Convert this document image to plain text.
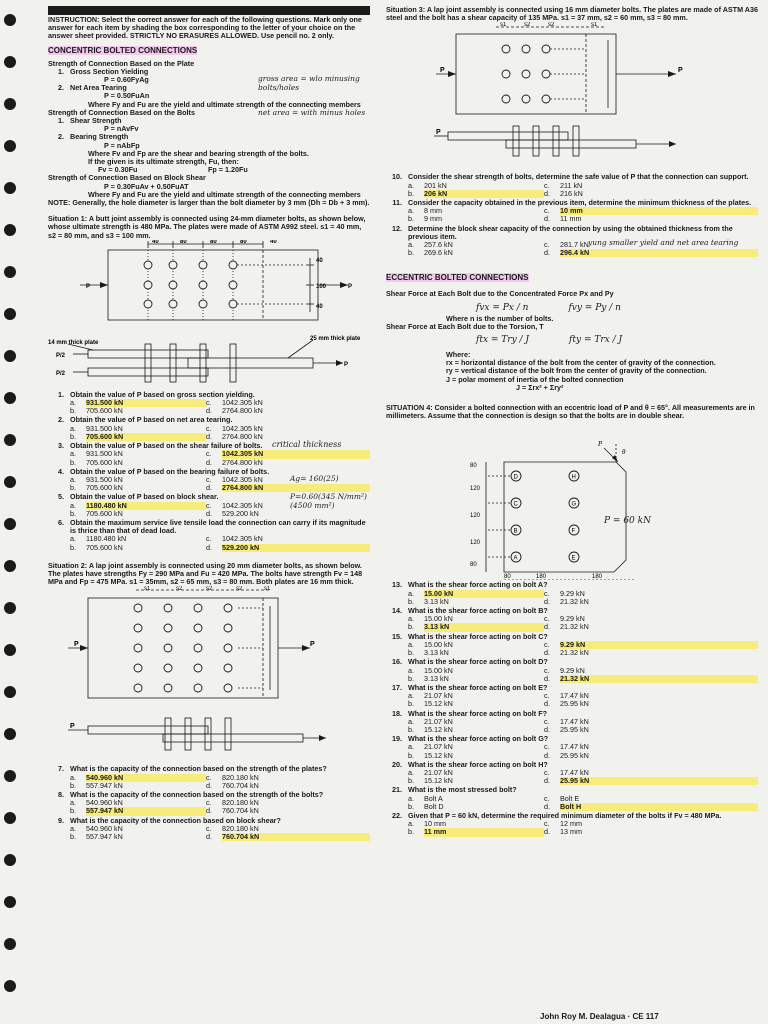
INSTRUCTION: Select the correct answer for each of the following questions. Mark only one answer for each item by shading the box corresponding to the letter of your choice on the answer sheet provided. STRICTLY NO ERASURES ALLOWED. Use pencil no. 2 only.
CONCENTRIC BOLTED CONNECTIONS
Strength of Connection Based on the Plate
1. Gross Section Yielding
P = 0.60FyAg
2. Net Area Tearing
P = 0.50FuAn
Where Fy and Fu are the yield and ultimate strength of the connecting members
Strength of Connection Based on the Bolts
1. Shear Strength
P = nAvFv
2. Bearing Strength
P = nAbFp
Where Fv and Fp are the shear and bearing strength of the bolts.
If the given is its ultimate strength, Fu, then:
Fv = 0.30Fu	Fp = 1.20Fu
Strength of Connection Based on Block Shear
P = 0.30FuAv + 0.50FuAT
Where Fy and Fu are the yield and ultimate strength of the connecting members
NOTE: Generally, the hole diameter is larger than the bolt diameter by 3 mm (Dh = Db + 3 mm).
Situation 1: A butt joint assembly is connected using 24-mm diameter bolts, as shown below, whose ultimate strength is 480 MPa. The plates were made of ASTM A992 steel. s1 = 40 mm, s2 = 80 mm, and s3 = 100 mm.
40	80	80	80	40
40
100
40
P	P
14 mm thick plate
25 mm thick plate
P/2
P/2
P
1. Obtain the value of P based on gross section yielding.
a.	931.500 kN	c.	1042.305 kN
b.	705.600 kN	d.	2764.800 kN
2. Obtain the value of P based on net area tearing.
a.	931.500 kN	c.	1042.305 kN
b.	705.600 kN	d.	2764.800 kN
3. Obtain the value of P based on the shear failure of bolts.
a.	931.500 kN	c.	1042.305 kN
b.	705.600 kN	d.	2764.800 kN
4. Obtain the value of P based on the bearing failure of bolts.
a.	931.500 kN	c.	1042.305 kN
b.	705.600 kN	d.	2764.800 kN
5. Obtain the value of P based on block shear.
a.	1180.480 kN	c.	1042.305 kN
b.	705.600 kN	d.	529.200 kN
6. Obtain the maximum service live tensile load the connection can carry if its magnitude is thrice than that of dead load.
a.	1180.480 kN	c.	1042.305 kN
b.	705.600 kN	d.	529.200 kN
Situation 2: A lap joint assembly is connected using 20 mm diameter bolts, as shown below. The plates have strengths Fy = 290 MPa and Fu = 420 MPa. The bolts have strength Fv = 148 MPa and Fp = 475 MPa. s1 = 35mm, s2 = 65 mm, s3 = 80 mm. Both plates are 16 mm thick.
s1	s2	s2	s2	s1
P	P
P
7. What is the capacity of the connection based on the strength of the plates?
a.	540.960 kN	c.	820.180 kN
b.	557.947 kN	d.	760.704 kN
8. What is the capacity of the connection based on the strength of the bolts?
a.	540.960 kN	c.	820.180 kN
b.	557.947 kN	d.	760.704 kN
9. What is the capacity of the connection based on block shear?
a.	540.960 kN	c.	820.180 kN
b.	557.947 kN	d.	760.704 kN
Situation 3: A lap joint assembly is connected using 16 mm diameter bolts. The plates are made of ASTM A36 steel and the bolt has a shear capacity of 135 MPa. s1 = 37 mm, s2 = 60 mm, s3 = 80 mm.
s1	s2	s2	s1
P	P
P
10. Consider the shear strength of bolts, determine the safe value of P that the connection can support.
a.	201 kN	c.	211 kN
b.	206 kN	d.	216 kN
11. Consider the capacity obtained in the previous item, determine the minimum thickness of the plates.
a.	8 mm	c.	10 mm
b.	9 mm	d.	11 mm
12. Determine the block shear capacity of the connection by using the obtained thickness from the previous item.
a.	257.6 kN	c.	281.7 kN
b.	269.6 kN	d.	296.4 kN
ECCENTRIC BOLTED CONNECTIONS
Shear Force at Each Bolt due to the Concentrated Force Px and Py
fvx = Px / n	fvy = Py / n
Where n is the number of bolts.
Shear Force at Each Bolt due to the Torsion, T
ftx = Try / J	fty = Trx / J
Where:
rx = horizontal distance of the bolt from the center of gravity of the connection.
ry = vertical distance of the bolt from the center of gravity of the connection.
J = polar moment of inertia of the bolted connection
J = Σrx² + Σry²
SITUATION 4: Consider a bolted connection with an eccentric load of P and θ = 65°. All measurements are in millimeters. Assume that the connection is design so that the bolts are in double shear.
A	E
B	F
C	G
D	H
80
120
120
120
80
80	180	180
θ
P
13. What is the shear force acting on bolt A?
a.	15.00 kN	c.	9.29 kN
b.	3.13 kN	d.	21.32 kN
14. What is the shear force acting on bolt B?
a.	15.00 kN	c.	9.29 kN
b.	3.13 kN	d.	21.32 kN
15. What is the shear force acting on bolt C?
a.	15.00 kN	c.	9.29 kN
b.	3.13 kN	d.	21.32 kN
16. What is the shear force acting on bolt D?
a.	15.00 kN	c.	9.29 kN
b.	3.13 kN	d.	21.32 kN
17. What is the shear force acting on bolt E?
a.	21.07 kN	c.	17.47 kN
b.	15.12 kN	d.	25.95 kN
18. What is the shear force acting on bolt F?
a.	21.07 kN	c.	17.47 kN
b.	15.12 kN	d.	25.95 kN
19. What is the shear force acting on bolt G?
a.	21.07 kN	c.	17.47 kN
b.	15.12 kN	d.	25.95 kN
20. What is the shear force acting on bolt H?
a.	21.07 kN	c.	17.47 kN
b.	15.12 kN	d.	25.95 kN
21. What is the most stressed bolt?
a.	Bolt A	c.	Bolt E
b.	Bolt D	d.	Bolt H
22. Given that P = 60 kN, determine the required minimum diameter of the bolts if Fv = 480 MPa.
a.	10 mm	c.	12 mm
b.	11 mm	d.	13 mm
gross area = wlo minusing bolts/holes
net area = with minus holes
critical thickness
Ag= 160(25)
P=0.60(345 N/mm²)(4500 mm²)
P = 60 kN
yung smaller yield and net area tearing
John Roy M. Dealagua · CE 117
